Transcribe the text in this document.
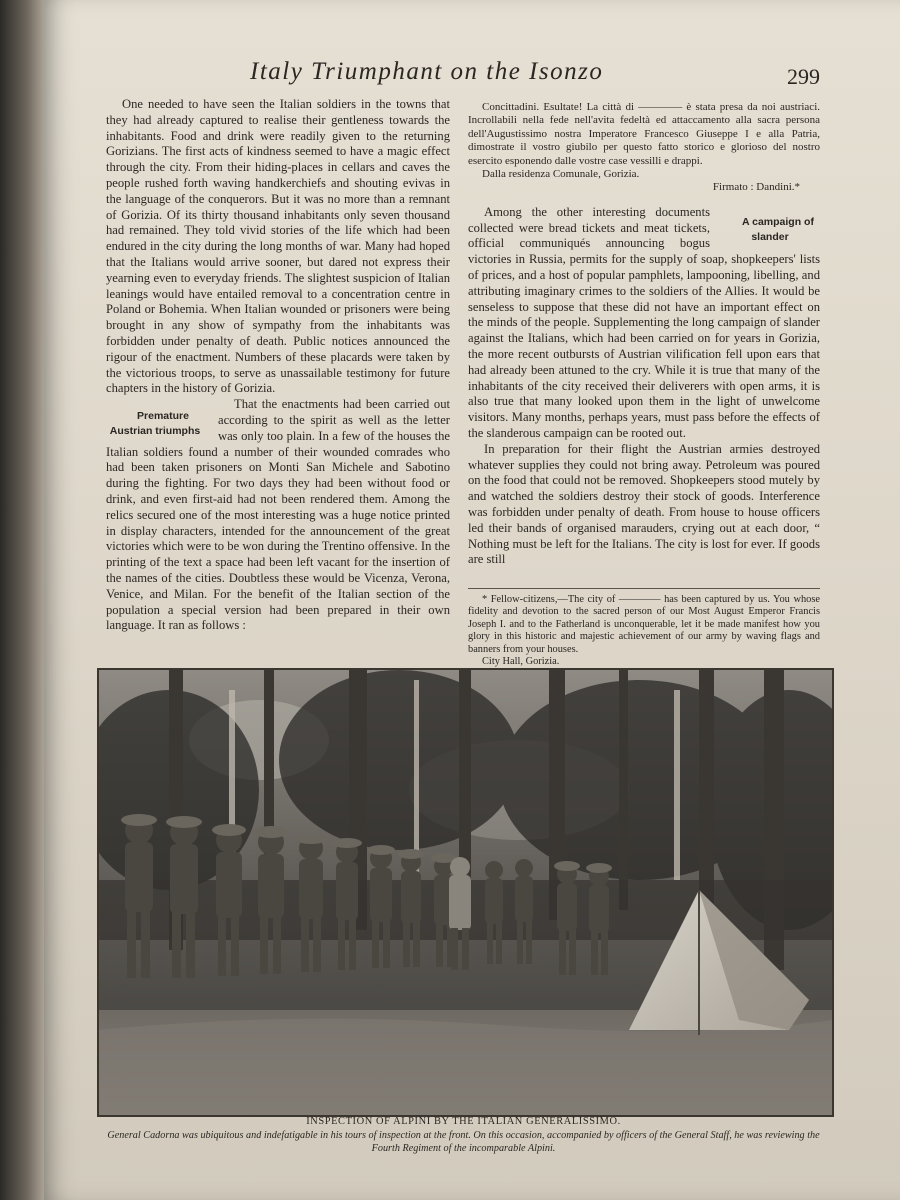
Italy Triumphant on the Isonzo	299

One needed to have seen the Italian soldiers in the towns that they had already captured to realise their gentleness towards the inhabitants. Food and drink were readily given to the returning Gorizians. The first acts of kindness seemed to have a magic effect through the city. From their hiding-places in cellars and caves the people rushed forth waving handkerchiefs and shouting evivas in the language of the conquerors. But it was no more than a remnant of Gorizia. Of its thirty thousand inhabitants only seven thousand had remained. They told vivid stories of the life which had been endured in the city during the long months of war. Many had hoped that the Italians would arrive sooner, but dared not express their yearning even to everyday friends. The slightest suspicion of Italian leanings would have entailed removal to a concentration centre in Poland or Bohemia. When Italian wounded or prisoners were being brought in any show of sympathy from the inhabitants was forbidden under penalty of death. Public notices announced the rigour of the enactment. Numbers of these placards were taken by the victorious troops, to serve as unassailable testimony for future chapters in the history of Gorizia.

Premature Austrian triumphs
That the enactments had been carried out according to the spirit as well as the letter was only too plain. In a few of the houses the Italian soldiers found a number of their wounded comrades who had been taken prisoners on Monti San Michele and Sabotino during the fighting. For two days they had been without food or drink, and even first-aid had not been rendered them. Among the relics secured one of the most interesting was a huge notice printed in display characters, intended for the announcement of the great victories which were to be won during the Trentino offensive. In the printing of the text a space had been left vacant for the insertion of the names of the cities. Doubtless these would be Vicenza, Verona, Venice, and Milan. For the benefit of the Italian section of the population a special version had been prepared in their own language. It ran as follows :

Concittadini. Esultate! La città di ———— è stata presa da noi austriaci. Incrollabili nella fede nell'avita fedeltà ed attaccamento alla sacra persona dell'Augustissimo nostra Imperatore Francesco Giuseppe I e alla Patria, dimostrate il vostro giubilo per questo fatto storico e glorioso del nostro esercito esponendo dalle vostre case vessilli e drappi.

Dalla residenza Comunale, Gorizia.

Firmato : Dandini.*

A campaign of slander
Among the other interesting documents collected were bread tickets and meat tickets, official communiqués announcing bogus victories in Russia, permits for the supply of soap, shopkeepers' lists of prices, and a host of popular pamphlets, lampooning, libelling, and attributing imaginary crimes to the soldiers of the Allies. It would be senseless to suppose that these did not have an important effect on the minds of the people. Supplementing the long campaign of slander against the Italians, which had been carried on for years in Gorizia, the more recent outbursts of Austrian vilification fell upon ears that had already been attuned to the cry. While it is true that many of the inhabitants of the city received their deliverers with open arms, it is also true that many looked upon them in the light of unwelcome visitors. Many months, perhaps years, must pass before the effects of the slanderous campaign can be rooted out.

In preparation for their flight the Austrian armies destroyed whatever supplies they could not bring away. Petroleum was poured on the food that could not be removed. Shopkeepers stood mutely by and watched the soldiers destroy their stock of goods. Interference was forbidden under penalty of death. From house to house officers led their bands of organised marauders, crying out at each door, “ Nothing must be left for the Italians. The city is lost for ever. If goods are still

* Fellow-citizens,—The city of ———— has been captured by us. You whose fidelity and devotion to the sacred person of our Most August Emperor Francis Joseph I. and to the Fatherland is unconquerable, let it be made manifest how you glory in this historic and majestic achievement of our army by waving flags and banners from your houses.

City Hall, Gorizia.

INSPECTION OF ALPINI BY THE ITALIAN GENERALISSIMO.
General Cadorna was ubiquitous and indefatigable in his tours of inspection at the front. On this occasion, accompanied by officers of the General Staff, he was reviewing the Fourth Regiment of the incomparable Alpini.
